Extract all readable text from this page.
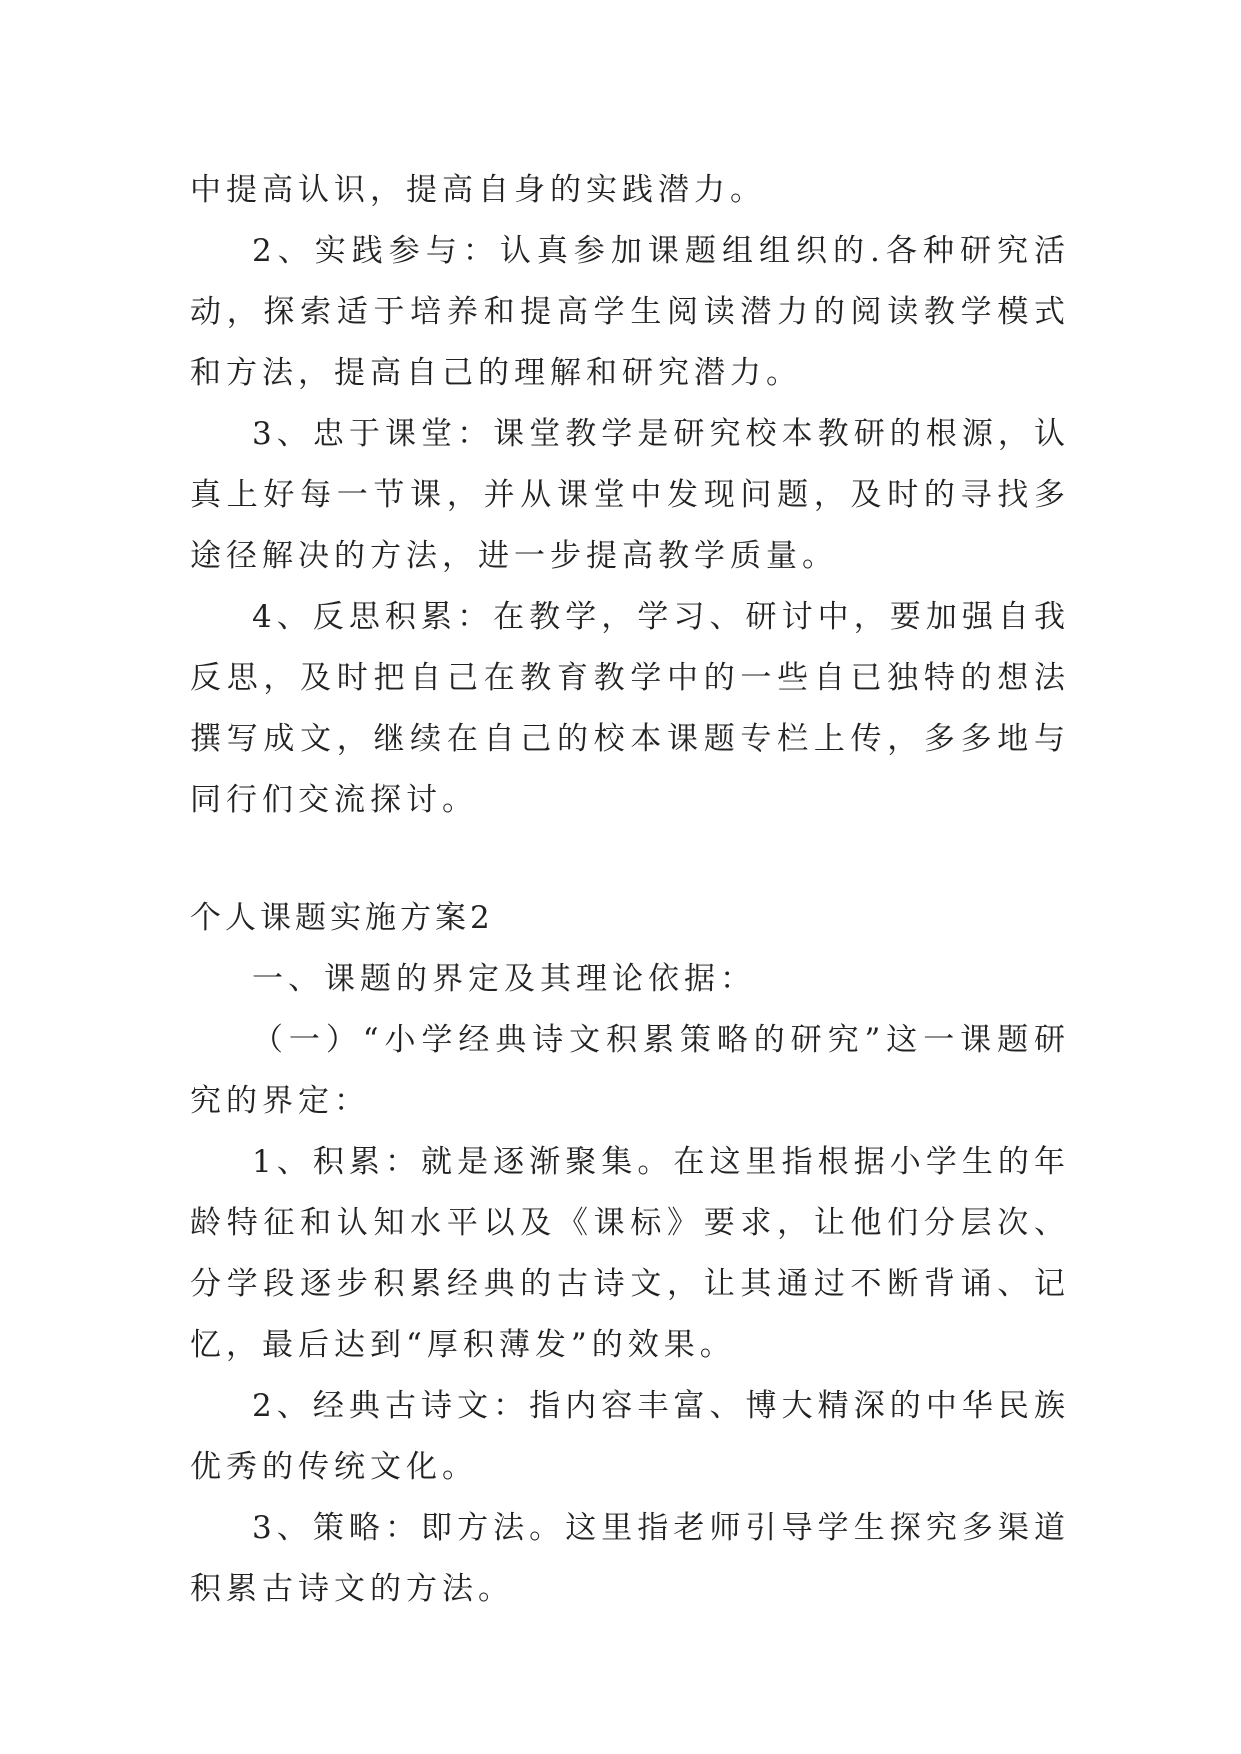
中提高认识，提高自身的实践潜力。

2、实践参与：认真参加课题组组织的.各种研究活动，探索适于培养和提高学生阅读潜力的阅读教学模式和方法，提高自己的理解和研究潜力。

3、忠于课堂：课堂教学是研究校本教研的根源，认真上好每一节课，并从课堂中发现问题，及时的寻找多途径解决的方法，进一步提高教学质量。

4、反思积累：在教学，学习、研讨中，要加强自我反思，及时把自己在教育教学中的一些自已独特的想法撰写成文，继续在自己的校本课题专栏上传，多多地与同行们交流探讨。

个人课题实施方案2

一、课题的界定及其理论依据：

（一）“小学经典诗文积累策略的研究”这一课题研究的界定：

1、积累：就是逐渐聚集。在这里指根据小学生的年龄特征和认知水平以及《课标》要求，让他们分层次、分学段逐步积累经典的古诗文，让其通过不断背诵、记忆，最后达到“厚积薄发”的效果。

2、经典古诗文：指内容丰富、博大精深的中华民族优秀的传统文化。

3、策略：即方法。这里指老师引导学生探究多渠道积累古诗文的方法。
